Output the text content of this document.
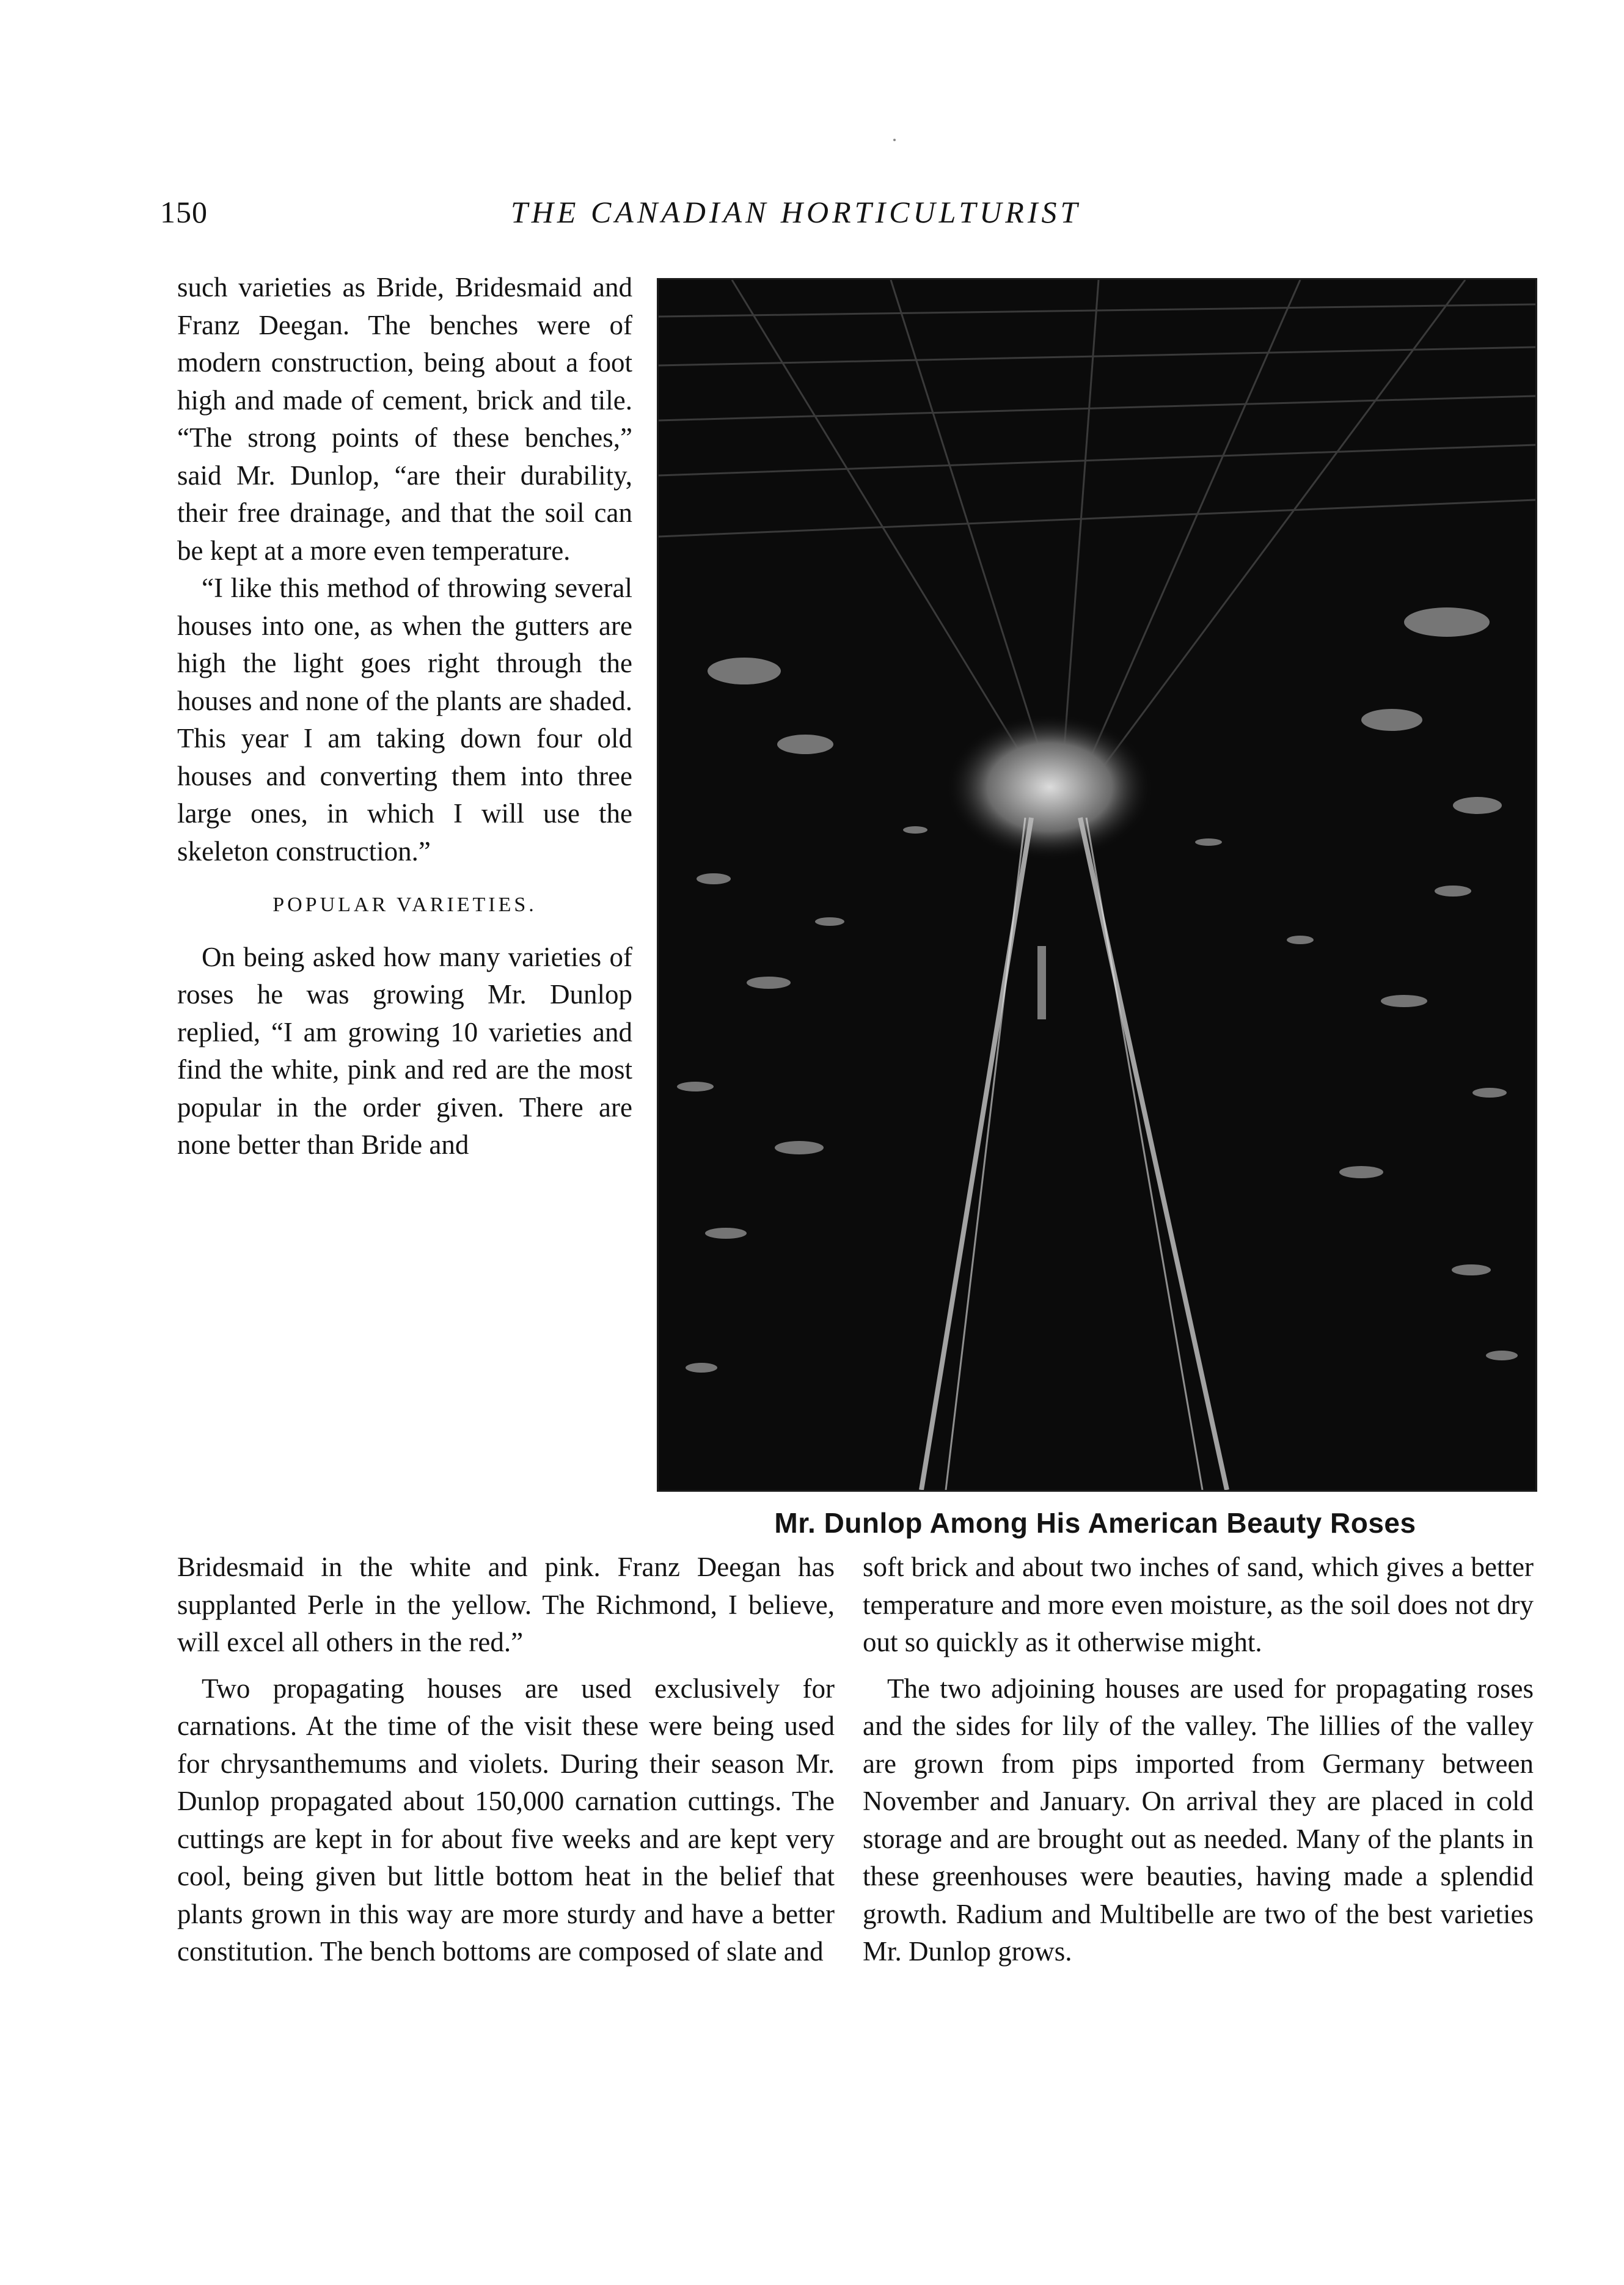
150	THE CANADIAN HORTICULTURIST

such varieties as Bride, Bridesmaid and Franz Deegan. The benches were of modern construction, being about a foot high and made of cement, brick and tile. “The strong points of these benches,” said Mr. Dunlop, “are their durability, their free drainage, and that the soil can be kept at a more even temperature.

“I like this method of throwing several houses into one, as when the gutters are high the light goes right through the houses and none of the plants are shaded. This year I am taking down four old houses and converting them into three large ones, in which I will use the skeleton construction.”

POPULAR VARIETIES.

On being asked how many varieties of roses he was growing Mr. Dunlop replied, “I am growing 10 varieties and find the white, pink and red are the most popular in the order given. There are none better than Bride and

Mr. Dunlop Among His American Beauty Roses

Bridesmaid in the white and pink. Franz Deegan has supplanted Perle in the yellow. The Richmond, I believe, will excel all others in the red.”

Two propagating houses are used exclusively for carnations. At the time of the visit these were being used for chrysanthemums and violets. During their season Mr. Dunlop propagated about 150,000 carnation cuttings. The cuttings are kept in for about five weeks and are kept very cool, being given but little bottom heat in the belief that plants grown in this way are more sturdy and have a better constitution. The bench bottoms are composed of slate and

soft brick and about two inches of sand, which gives a better temperature and more even moisture, as the soil does not dry out so quickly as it otherwise might.

The two adjoining houses are used for propagating roses and the sides for lily of the valley. The lillies of the valley are grown from pips imported from Germany between November and January. On arrival they are placed in cold storage and are brought out as needed. Many of the plants in these greenhouses were beauties, having made a splendid growth. Radium and Multibelle are two of the best varieties Mr. Dunlop grows.
